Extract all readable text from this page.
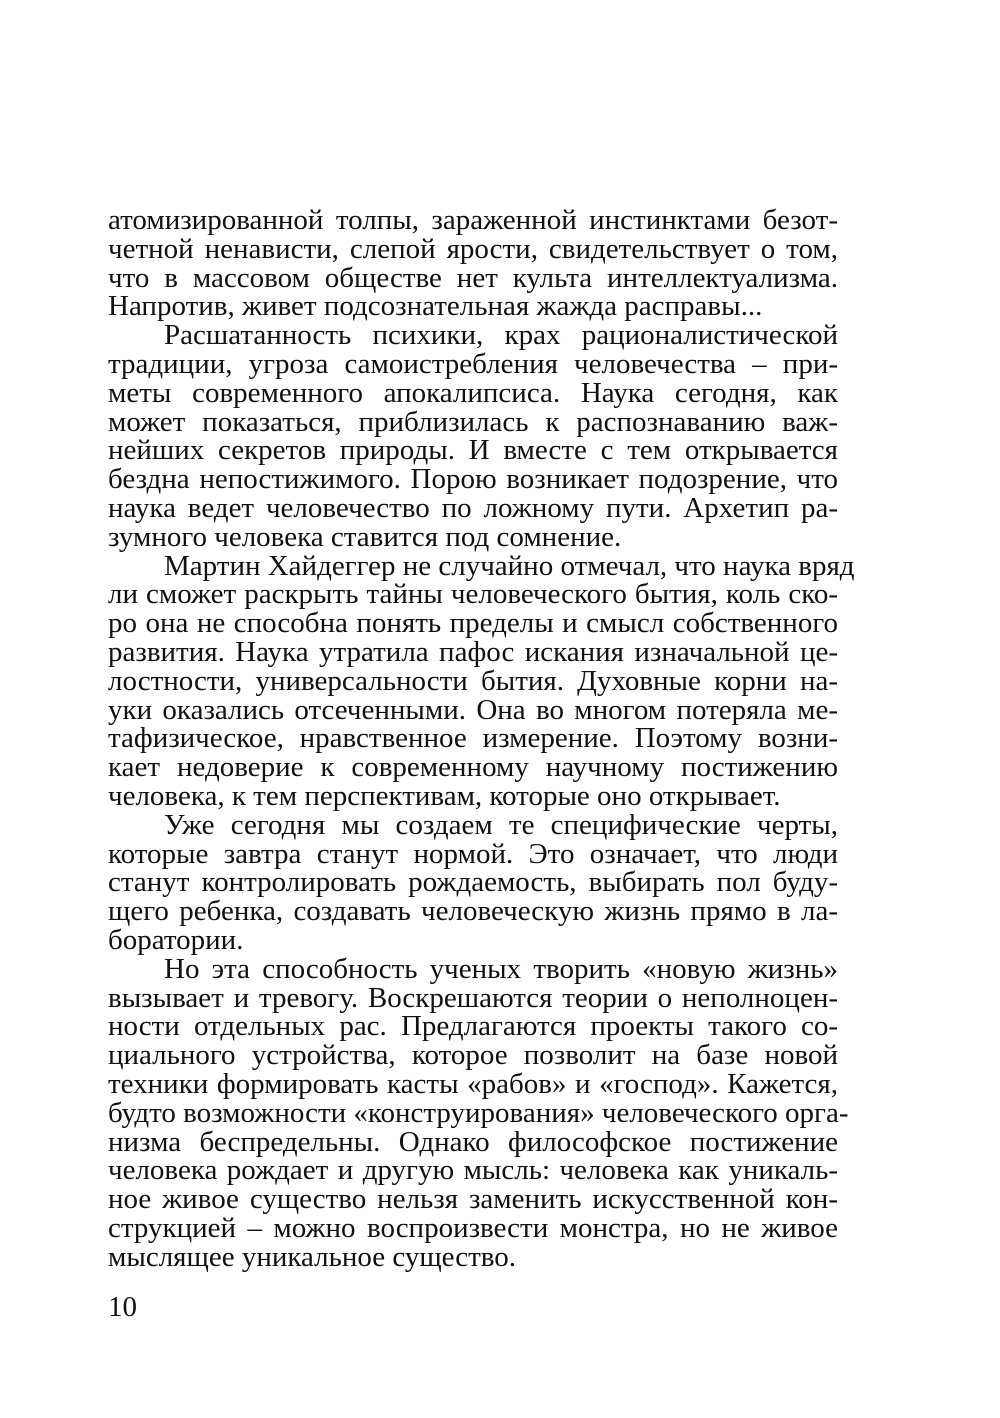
атомизированной толпы, зараженной инстинктами безот-
четной ненависти, слепой ярости, свидетельствует о том,
что в массовом обществе нет культа интеллектуализма.
Напротив, живет подсознательная жажда расправы...
Расшатанность психики, крах рационалистической
традиции, угроза самоистребления человечества – при-
меты современного апокалипсиса. Наука сегодня, как
может показаться, приблизилась к распознаванию важ-
нейших секретов природы. И вместе с тем открывается
бездна непостижимого. Порою возникает подозрение, что
наука ведет человечество по ложному пути. Архетип ра-
зумного человека ставится под сомнение.
Мартин Хайдеггер не случайно отмечал, что наука вряд
ли сможет раскрыть тайны человеческого бытия, коль ско-
ро она не способна понять пределы и смысл собственного
развития. Наука утратила пафос искания изначальной це-
лостности, универсальности бытия. Духовные корни на-
уки оказались отсеченными. Она во многом потеряла ме-
тафизическое, нравственное измерение. Поэтому возни-
кает недоверие к современному научному постижению
человека, к тем перспективам, которые оно открывает.
Уже сегодня мы создаем те специфические черты,
которые завтра станут нормой. Это означает, что люди
станут контролировать рождаемость, выбирать пол буду-
щего ребенка, создавать человеческую жизнь прямо в ла-
боратории.
Но эта способность ученых творить «новую жизнь»
вызывает и тревогу. Воскрешаются теории о неполноцен-
ности отдельных рас. Предлагаются проекты такого со-
циального устройства, которое позволит на базе новой
техники формировать касты «рабов» и «господ». Кажется,
будто возможности «конструирования» человеческого орга-
низма беспредельны. Однако философское постижение
человека рождает и другую мысль: человека как уникаль-
ное живое существо нельзя заменить искусственной кон-
струкцией – можно воспроизвести монстра, но не живое
мыслящее уникальное существо.
10
